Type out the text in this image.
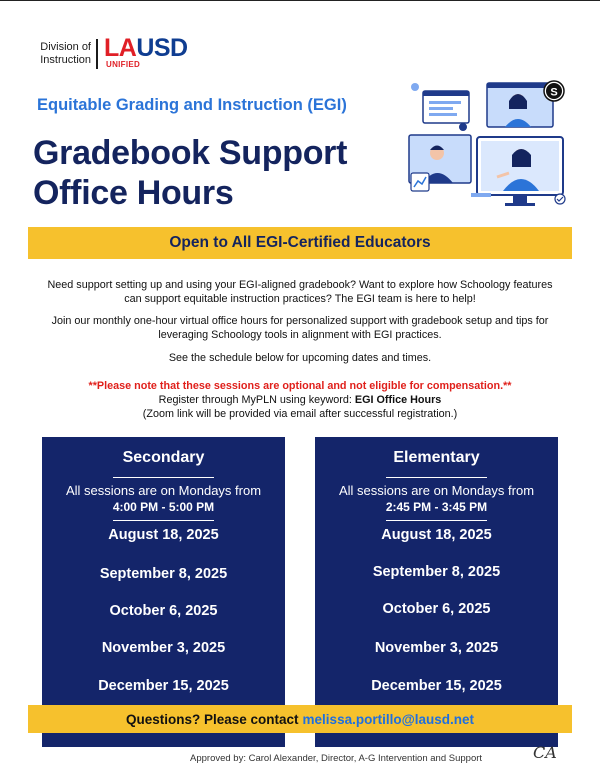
Division of
Instruction LAUSD
UNIFIED
Equitable Grading and Instruction (EGI)
Gradebook Support
Office Hours
S
Open to All EGI-Certified Educators
Need support setting up and using your EGI-aligned gradebook? Want to explore how Schoology features can support equitable instruction practices? The EGI team is here to help!
Join our monthly one-hour virtual office hours for personalized support with gradebook setup and tips for leveraging Schoology tools in alignment with EGI practices.
See the schedule below for upcoming dates and times.
**Please note that these sessions are optional and not eligible for compensation.**
Register through MyPLN using keyword: EGI Office Hours
(Zoom link will be provided via email after successful registration.)
Secondary
All sessions are on Mondays from
4:00 PM - 5:00 PM
August 18, 2025
September 8, 2025
October 6, 2025
November 3, 2025
December 15, 2025
Elementary
All sessions are on Mondays from
2:45 PM - 3:45 PM
August 18, 2025
September 8, 2025
October 6, 2025
November 3, 2025
December 15, 2025
Questions? Please contact melissa.portillo@lausd.net
Approved by: Carol Alexander, Director, A-G Intervention and Support	CA
